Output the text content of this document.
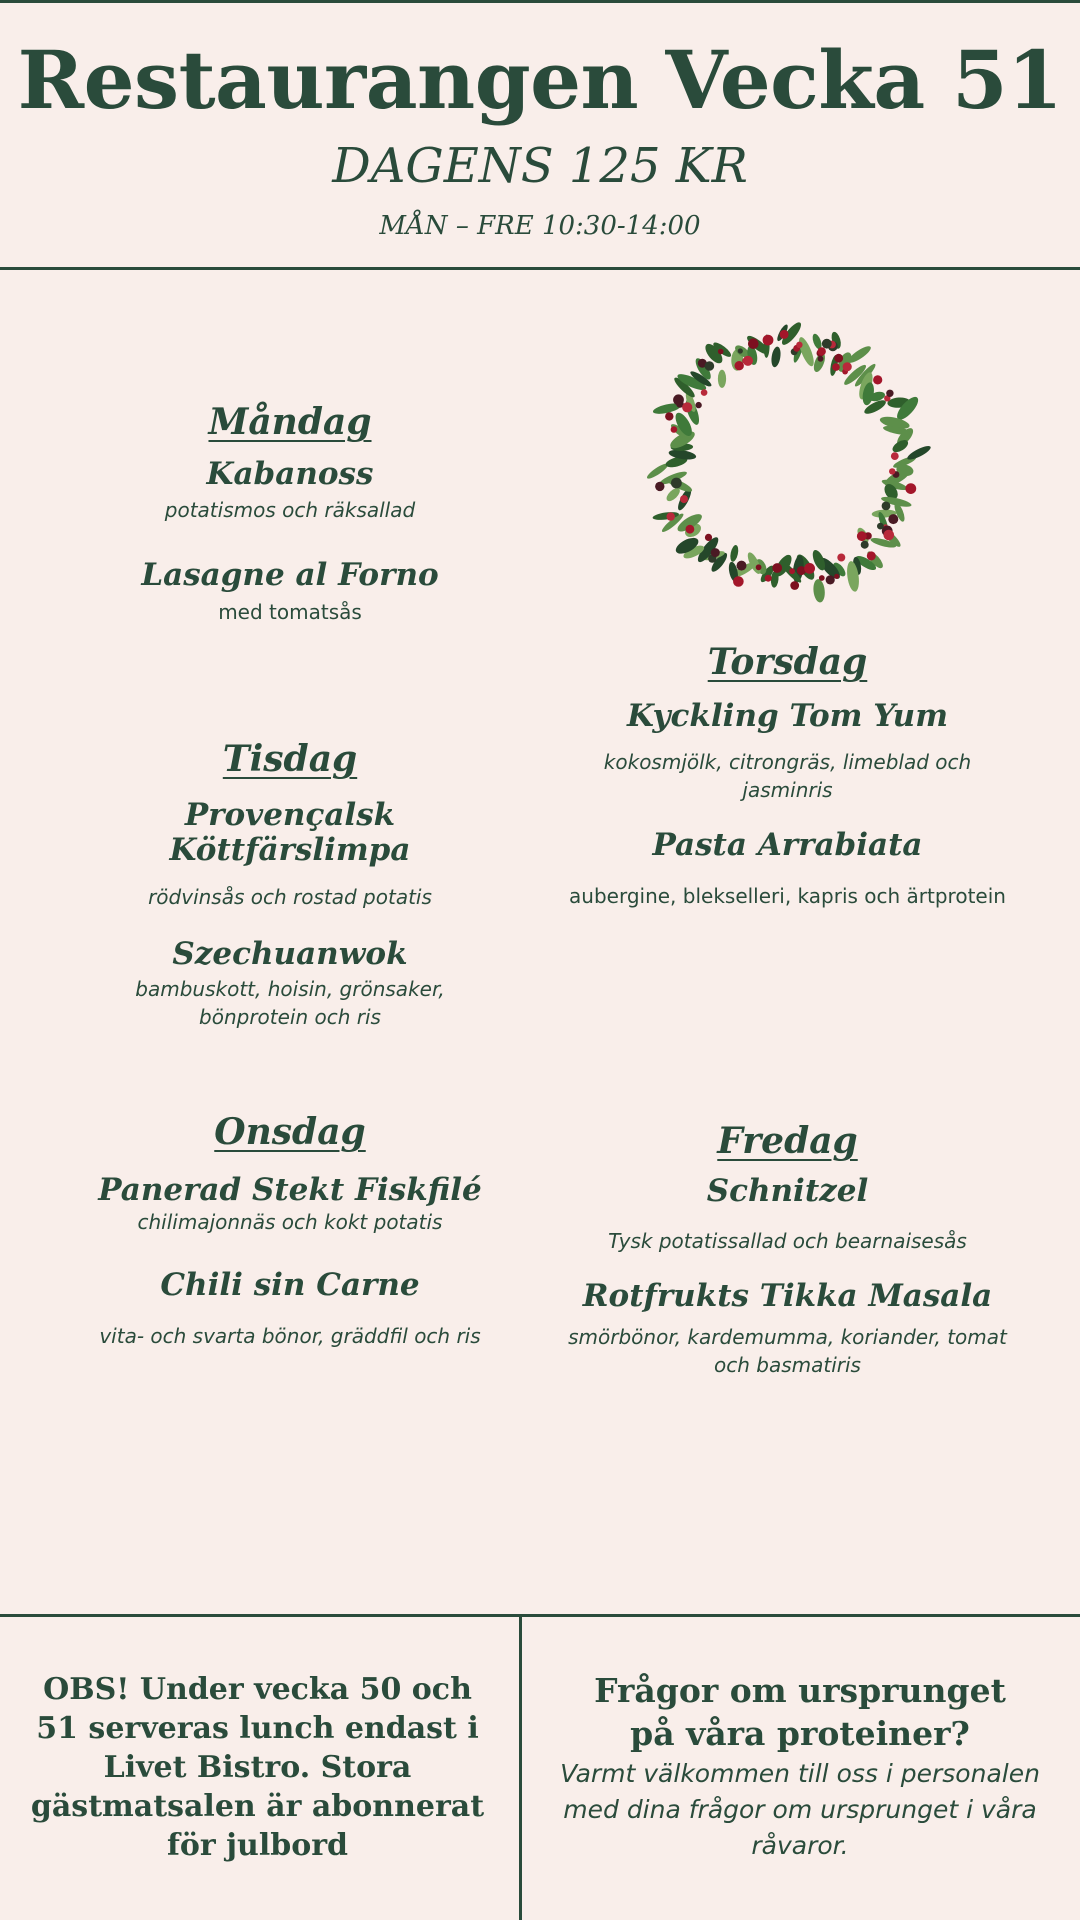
Restaurangen Vecka 51
DAGENS 125 KR
MÅN – FRE 10:30-14:00
Måndag
Kabanoss
potatismos och räksallad
Lasagne al Forno
med tomatsås
Tisdag
Provençalsk Köttfärslimpa
rödvinsås och rostad potatis
Szechuanwok
bambuskott, hoisin, grönsaker, bönprotein och ris
Onsdag
Panerad Stekt Fiskfilé
chilimajonnäs och kokt potatis
Chili sin Carne
vita- och svarta bönor, gräddfil och ris
Torsdag
Kyckling Tom Yum
kokosmjölk, citrongräs, limeblad och jasminris
Pasta Arrabiata
aubergine, blekselleri, kapris och ärtprotein
Fredag
Schnitzel
Tysk potatissallad och bearnaisesås
Rotfrukts Tikka Masala
smörbönor, kardemumma, koriander, tomat och basmatiris
OBS! Under vecka 50 och 51 serveras lunch endast i Livet Bistro. Stora gästmatsalen är abonnerat för julbord
Frågor om ursprunget
på våra proteiner?
Varmt välkommen till oss i personalen med dina frågor om ursprunget i våra råvaror.
